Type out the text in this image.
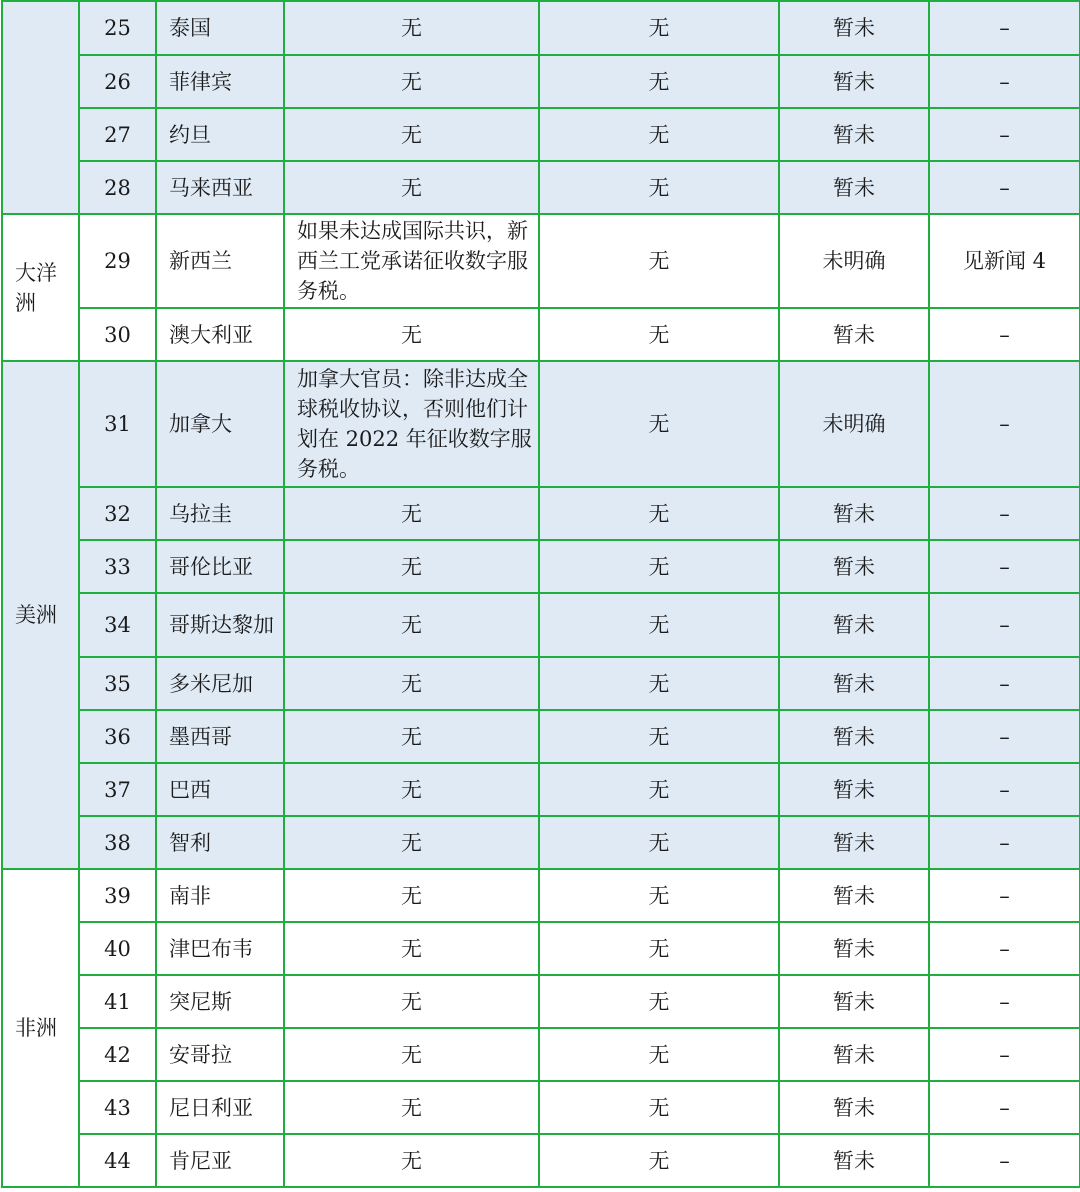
	25	泰国	无	无	暂未	–
	26	菲律宾	无	无	暂未	–
	27	约旦	无	无	暂未	–
	28	马来西亚	无	无	暂未	–
大洋洲	29	新西兰	如果未达成国际共识，新西兰工党承诺征收数字服务税。	无	未明确	见新闻 4
	30	澳大利亚	无	无	暂未	–
美洲	31	加拿大	加拿大官员：除非达成全球税收协议，否则他们计划在 2022 年征收数字服务税。	无	未明确	–
	32	乌拉圭	无	无	暂未	–
	33	哥伦比亚	无	无	暂未	–
	34	哥斯达黎加	无	无	暂未	–
	35	多米尼加	无	无	暂未	–
	36	墨西哥	无	无	暂未	–
	37	巴西	无	无	暂未	–
	38	智利	无	无	暂未	–
非洲	39	南非	无	无	暂未	–
	40	津巴布韦	无	无	暂未	–
	41	突尼斯	无	无	暂未	–
	42	安哥拉	无	无	暂未	–
	43	尼日利亚	无	无	暂未	–
	44	肯尼亚	无	无	暂未	–
